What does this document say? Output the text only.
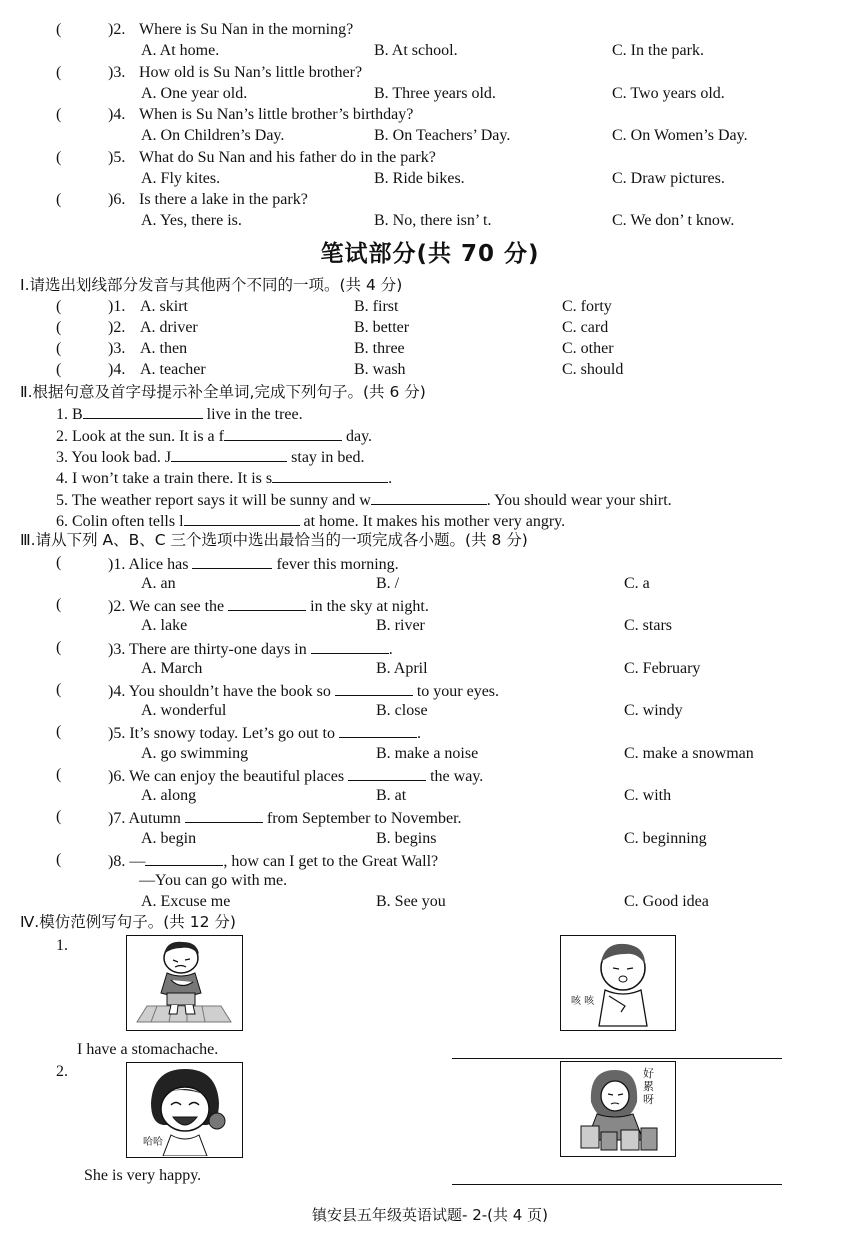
(	)2. Where is Su Nan in the morning?
A. At home.	B. At school.	C. In the park.
(	)3. How old is Su Nan’s little brother?
A. One year old.	B. Three years old.	C. Two years old.
(	)4. When is Su Nan’s little brother’s birthday?
A. On Children’s Day.	B. On Teachers’ Day.	C. On Women’s Day.
(	)5. What do Su Nan and his father do in the park?
A. Fly kites.	B. Ride bikes.	C. Draw pictures.
(	)6. Is there a lake in the park?
A. Yes, there is.	B. No, there isn’ t.	C. We don’ t know.
笔试部分(共 70 分)
Ⅰ.请选出划线部分发音与其他两个不同的一项。(共 4 分)
(	)1. A. skirt	B. first	C. forty
(	)2. A. driver	B. better	C. card
(	)3. A. then	B. three	C. other
(	)4. A. teacher	B. wash	C. should
Ⅱ.根据句意及首字母提示补全单词,完成下列句子。(共 6 分)
1. B	live in the tree.
2. Look at the sun. It is a f	day.
3. You look bad. J	stay in bed.
4. I won’t take a train there. It is s	.
5. The weather report says it will be sunny and w	. You should wear your shirt.
6. Colin often tells l	at home. It makes his mother very angry.
Ⅲ.请从下列 A、B、C 三个选项中选出最恰当的一项完成各小题。(共 8 分)
(	)1. Alice has	fever this morning.
A. an	B. /	C. a
(	)2. We can see the	in the sky at night.
A. lake	B. river	C. stars
(	)3. There are thirty-one days in	.
A. March	B. April	C. February
(	)4. You shouldn’t have the book so	to your eyes.
A. wonderful	B. close	C. windy
(	)5. It’s snowy today. Let’s go out to	.
A. go swimming	B. make a noise	C. make a snowman
(	)6. We can enjoy the beautiful places	the way.
A. along	B. at	C. with
(	)7. Autumn	from September to November.
A. begin	B. begins	C. beginning
(	)8. —	, how can I get to the Great Wall?
—You can go with me.
A. Excuse me	B. See you	C. Good idea
Ⅳ.模仿范例写句子。(共 12 分)
1.
咳 咳
I have a stomachache.
2.
哈哈
好
累
呀
She is very happy.
镇安县五年级英语试题- 2-(共 4 页)
